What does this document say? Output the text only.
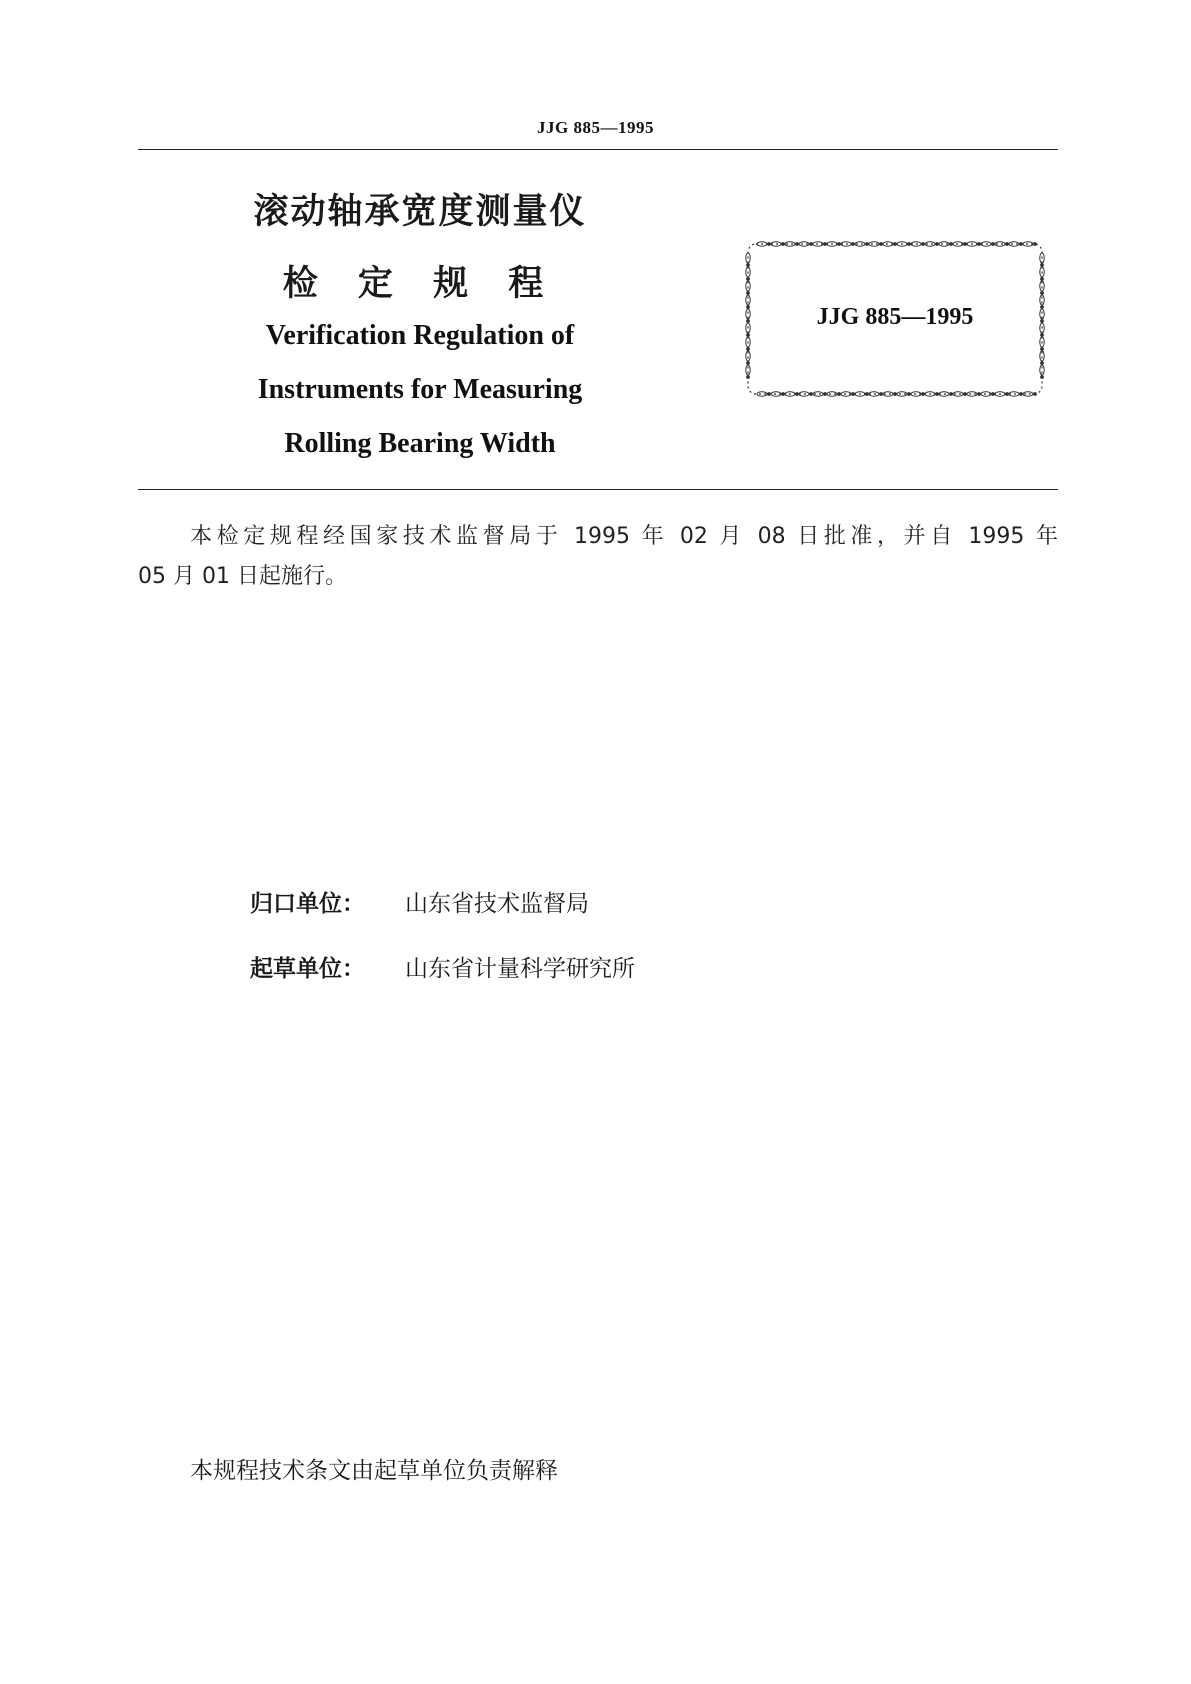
JJG 885—1995
滚动轴承宽度测量仪
检 定 规 程
Verification Regulation of
Instruments for Measuring
Rolling Bearing Width
JJG 885—1995
本检定规程经国家技术监督局于 1995 年 02 月 08 日批准，并自 1995 年
05 月 01 日起施行。
归口单位： 山东省技术监督局
起草单位： 山东省计量科学研究所
本规程技术条文由起草单位负责解释
